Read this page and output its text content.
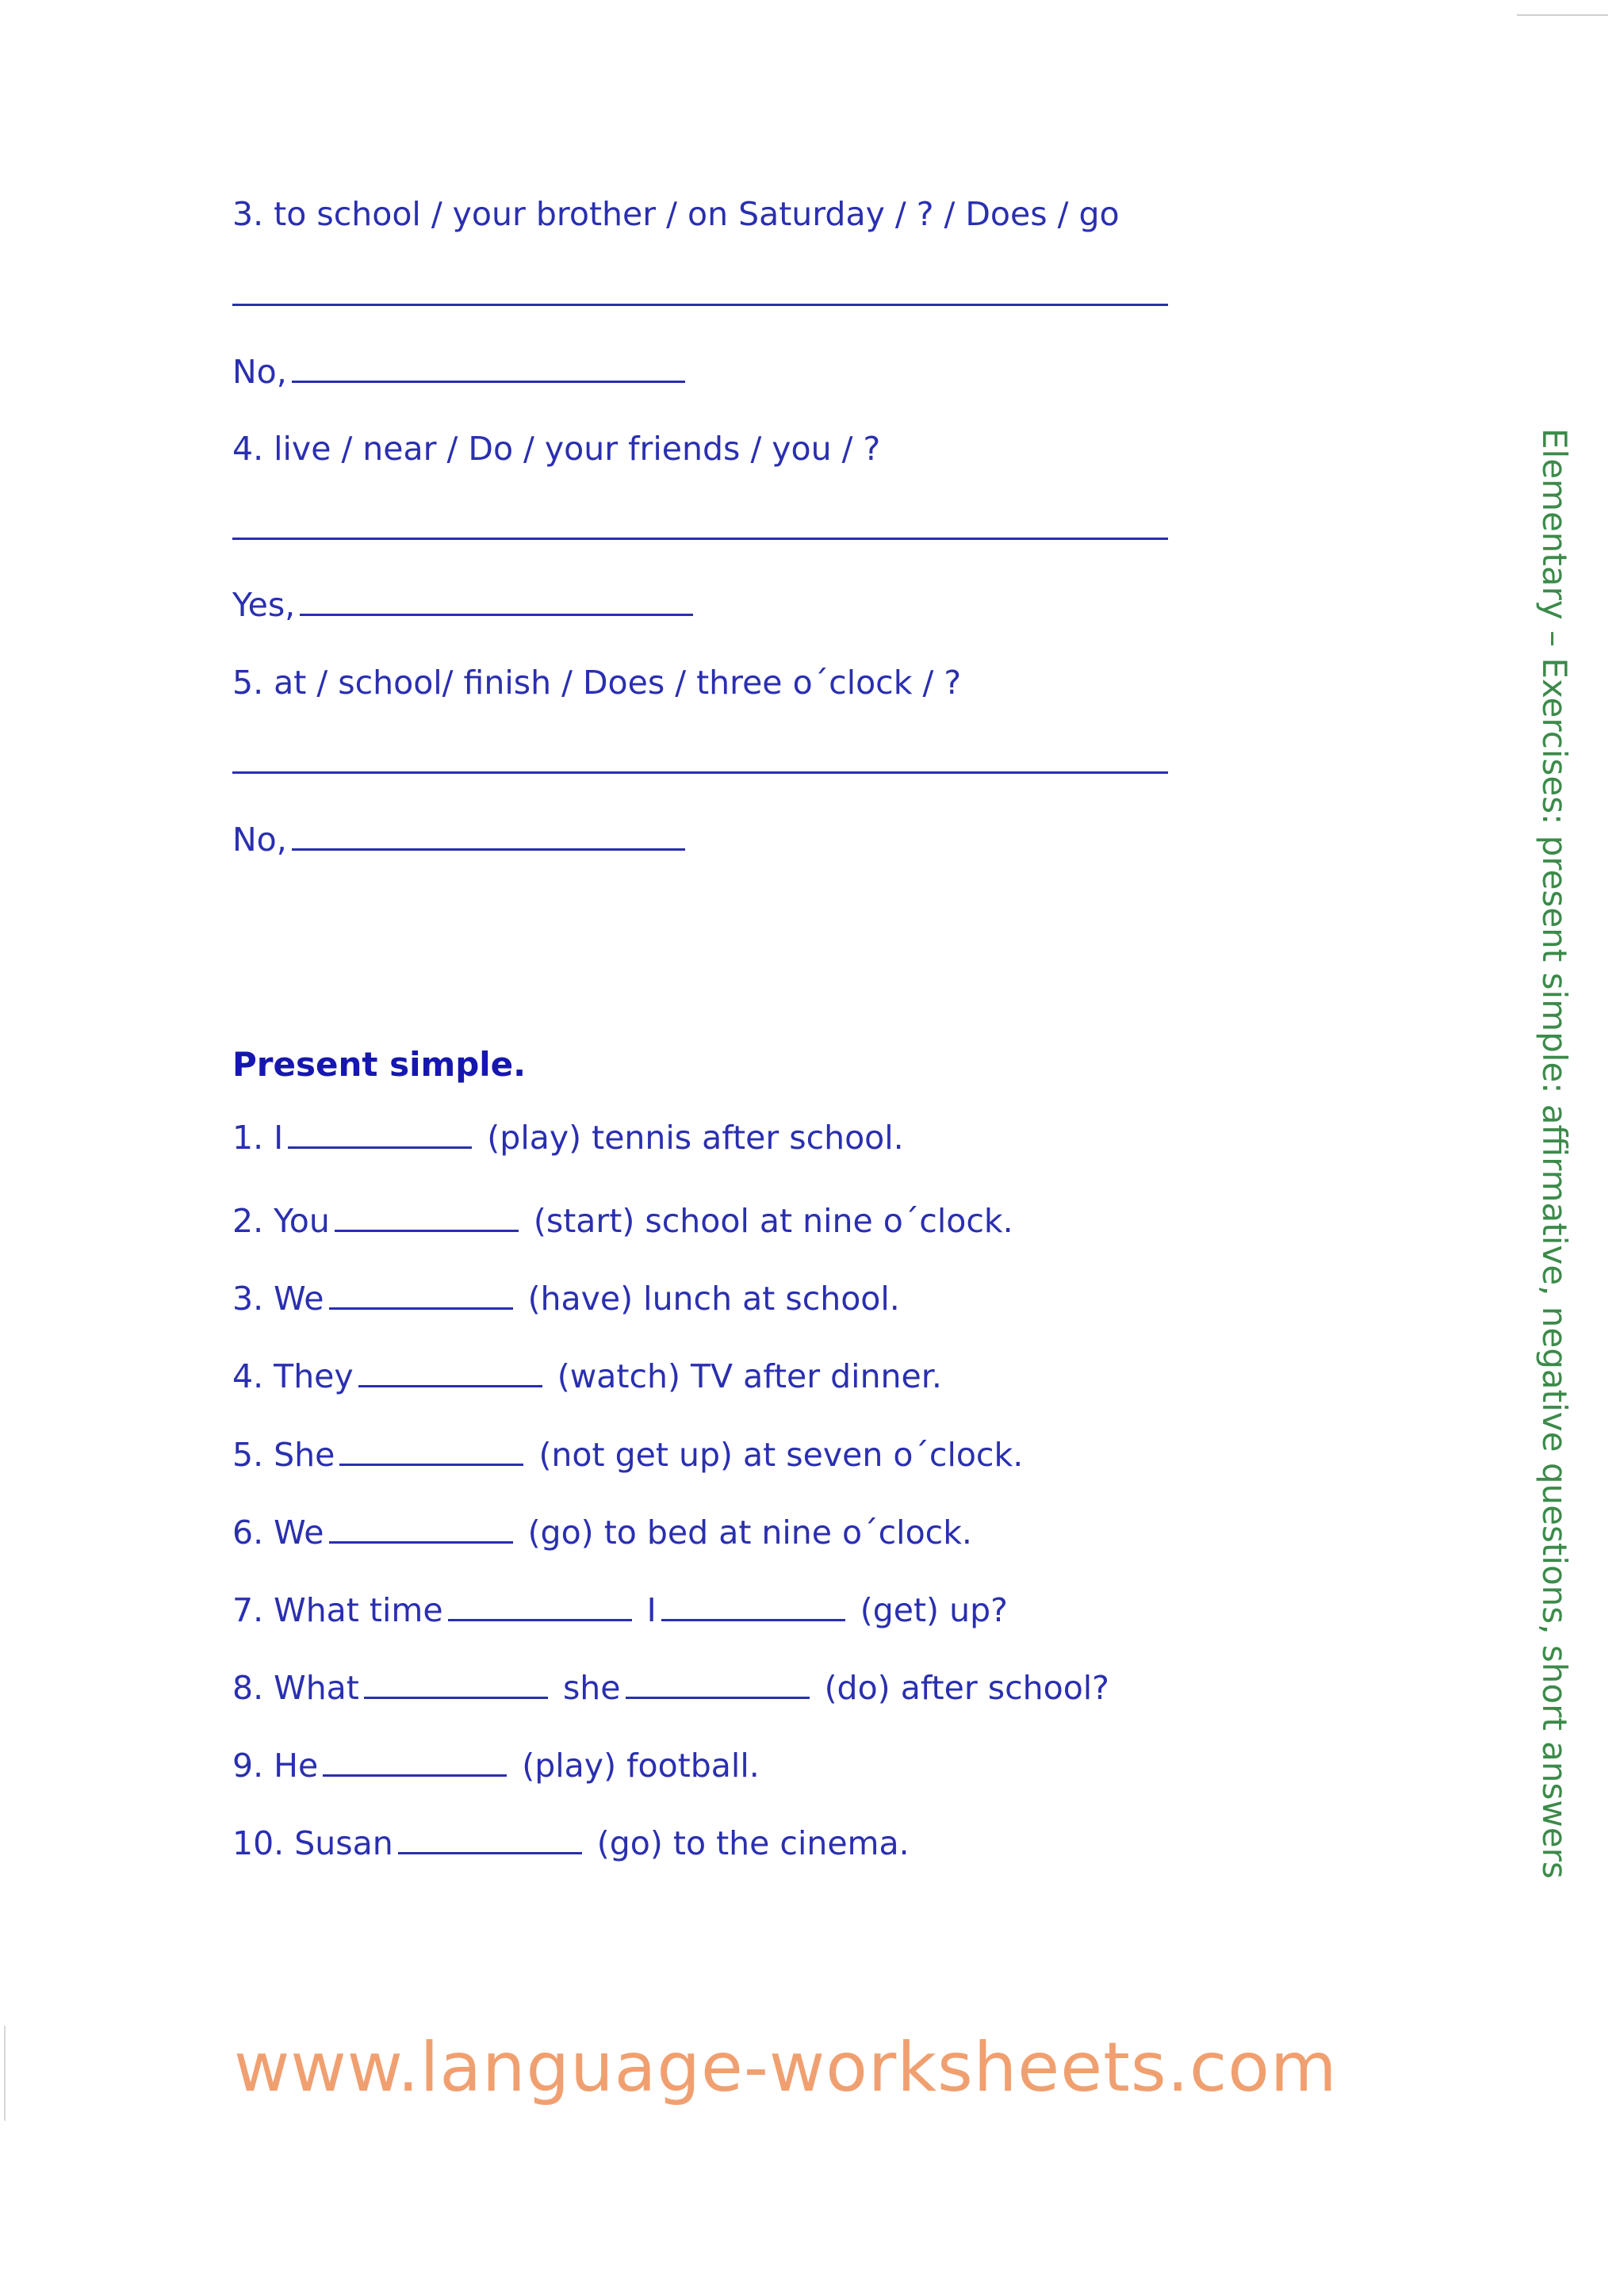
3. to school / your brother / on Saturday / ? / Does / go
No,
4. live / near / Do / your friends / you / ?
Yes,
5. at / school/ finish / Does / three o´clock / ?
No,
Present simple.
1. I	(play) tennis after school.
2. You	(start) school at nine o´clock.
3. We	(have) lunch at school.
4. They	(watch) TV after dinner.
5. She	(not get up) at seven o´clock.
6. We	(go) to bed at nine o´clock.
7. What time	I	(get) up?
8. What	she	(do) after school?
9. He	(play) football.
10. Susan	(go) to the cinema.	Elementary – Exercises: present simple: affirmative, negative questions, short answers
www.language-worksheets.com
